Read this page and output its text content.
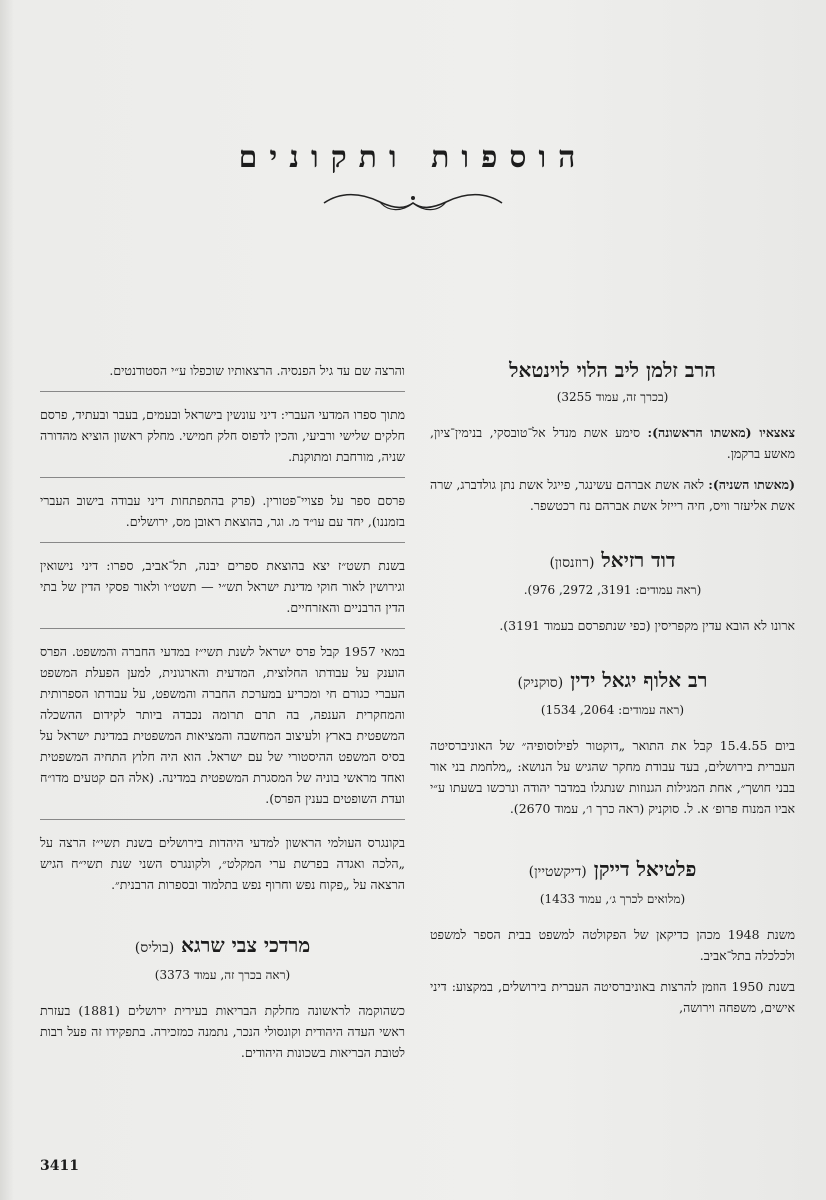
הוספות ותקונים
הרב זלמן ליב הלוי לוינטאל
(בכרך זה, עמוד 3255)

צאצאיו (מאשתו הראשונה): סימע אשת מנדל אל־טובסקי, בנימין־ציון, מאשע ברקמן.

(מאשתו השניה): לאה אשת אברהם עשינגר, פייגל אשת נתן גולדברג, שרה אשת אליעזר וויס, חיה רייזל אשת אברהם נח רכטשפר.

דוד רזיאל (רוזנסון)
(ראה עמודים: 3191, 2972, 976).

ארונו לא הובא עדין מקפריסין (כפי שנתפרסם בעמוד 3191).

רב אלוף יגאל ידין (סוקניק)
(ראה עמודים: 2064, 1534)

ביום 15.4.55 קבל את התואר „דוקטור לפילוסופיה״ של האוניברסיטה העברית בירושלים, בעד עבודת מחקר שהגיש על הנושא: „מלחמת בני אור בבני חושך״, אחת המגילות הגנוזות שנתגלו במדבר יהודה ונרכשו בשעתו ע״י אביו המנוח פרופ׳ א. ל. סוקניק (ראה כרך ו׳, עמוד 2670).

פלטיאל דייקן (דיקשטיין)
(מלואים לכרך ג׳, עמוד 1433)

משנת 1948 מכהן כדיקאן של הפקולטה למשפט בבית הספר למשפט ולכלכלה בתל־אביב.

בשנת 1950 הוזמן להרצות באוניברסיטה העברית בירושלים, במקצוע: דיני אישים, משפחה וירושה,

והרצה שם עד גיל הפנסיה. הרצאותיו שוכפלו ע״י הסטודנטים.

מתוך ספרו המדעי העברי: דיני עונשין בישראל ובעמים, בעבר ובעתיד, פרסם חלקים שלישי ורביעי, והכין לדפוס חלק חמישי. מחלק ראשון הוציא מהדורה שניה, מורחבת ומתוקנת.

פרסם ספר על פצויי־פטורין. (פרק בהתפתחות דיני עבודה בישוב העברי בזמננו), יחד עם עו״ד מ. וגר, בהוצאת ראובן מס, ירושלים.

בשנת תשט״ז יצא בהוצאת ספרים יבנה, תל־אביב, ספרו: דיני נישואין וגירושין לאור חוקי מדינת ישראל תש״י — תשט״ו ולאור פסקי הדין של בתי הדין הרבניים והאזרחיים.

במאי 1957 קבל פרס ישראל לשנת תשי״ז במדעי החברה והמשפט. הפרס הוענק על עבודתו החלוצית, המדעית והארגונית, למען הפעלת המשפט העברי כגורם חי ומכריע במערכת החברה והמשפט, על עבודתו הספרותית והמחקרית הענפה, בה תרם תרומה נכבדה ביותר לקידום ההשכלה המשפטית בארץ ולעיצוב המחשבה והמציאות המשפטית במדינת ישראל על בסיס המשפט ההיסטורי של עם ישראל. הוא היה חלוץ התחיה המשפטית ואחד מראשי בוניה של המסגרת המשפטית במדינה. (אלה הם קטעים מדו״ח ועדת השופטים בענין הפרס).

בקונגרס העולמי הראשון למדעי היהדות בירושלים בשנת תשי״ז הרצה על „הלכה ואגדה בפרשת ערי המקלט״, ולקונגרס השני שנת תשי״ח הגיש הרצאה על „פקוח נפש וחרוף נפש בתלמוד ובספרות הרבנית״.

מרדכי צבי שרגא (בוליס)
(ראה בכרך זה, עמוד 3373)

כשהוקמה לראשונה מחלקת הבריאות בעירית ירושלים (1881) בעזרת ראשי העדה היהודית וקונסולי הנכר, נתמנה כמזכירה. בתפקידו זה פעל רבות לטובת הבריאות בשכונות היהודים.

3411
